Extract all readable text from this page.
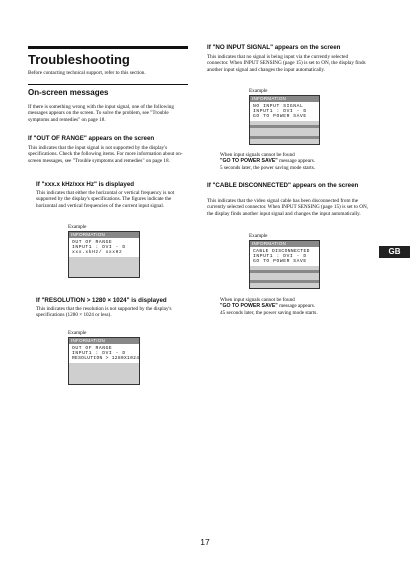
Troubleshooting
Before contacting technical support, refer to this section.
On-screen messages
If there is something wrong with the input signal, one of the following messages appears on the screen. To solve the problem, see "Trouble symptoms and remedies" on page 18.
If "OUT OF RANGE" appears on the screen
This indicates that the input signal is not supported by the display's specifications. Check the following items. For more information about on-screen messages, see "Trouble symptoms and remedies" on page 18.
If "xxx.x kHz/xxx Hz" is displayed
This indicates that either the horizontal or vertical frequency is not supported by the display's specifications. The figures indicate the horizontal and vertical frequencies of the current input signal.
Example
INFORMATION
OUT OF RANGE
INPUT1 : DVI - D
xxx.xkHz/ xxxHz
If "RESOLUTION > 1280 × 1024" is displayed
This indicates that the resolution is not supported by the display's specifications (1280 × 1024 or less).
Example
INFORMATION
OUT OF RANGE
INPUT1 : DVI - D
RESOLUTION > 1280X1024
If "NO INPUT SIGNAL" appears on the screen
This indicates that no signal is being input via the currently selected connector. When INPUT SENSING (page 15) is set to ON, the display finds another input signal and changes the input automatically.
Example
INFORMATION
NO INPUT SIGNAL
INPUT1 : DVI - D
GO TO POWER SAVE
When input signals cannot be found
"GO TO POWER SAVE" message appears.
5 seconds later, the power saving mode starts.
If "CABLE DISCONNECTED" appears on the screen
This indicates that the video signal cable has been disconnected from the currently selected connector. When INPUT SENSING (page 15) is set to ON, the display finds another input signal and changes the input automatically.
Example
INFORMATION
CABLE DISCONNECTED
INPUT1 : DVI - D
GO TO POWER SAVE
When input signals cannot be found
"GO TO POWER SAVE" message appears.
45 seconds later, the power saving mode starts.
GB
17
